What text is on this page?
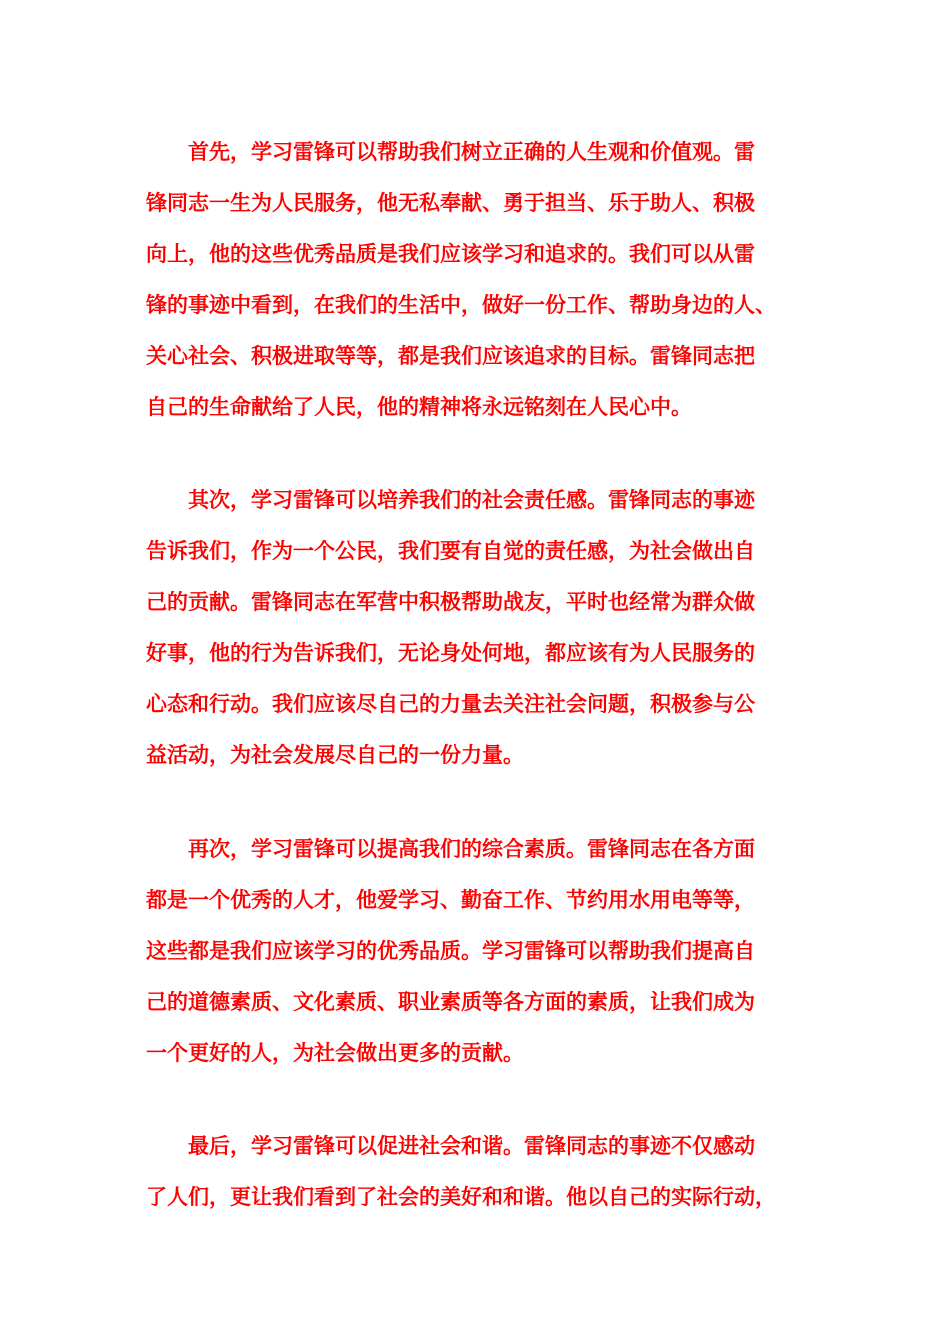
首先，学习雷锋可以帮助我们树立正确的人生观和价值观。雷
锋同志一生为人民服务，他无私奉献、勇于担当、乐于助人、积极
向上，他的这些优秀品质是我们应该学习和追求的。我们可以从雷
锋的事迹中看到，在我们的生活中，做好一份工作、帮助身边的人、
关心社会、积极进取等等，都是我们应该追求的目标。雷锋同志把
自己的生命献给了人民，他的精神将永远铭刻在人民心中。

其次，学习雷锋可以培养我们的社会责任感。雷锋同志的事迹
告诉我们，作为一个公民，我们要有自觉的责任感，为社会做出自
己的贡献。雷锋同志在军营中积极帮助战友，平时也经常为群众做
好事，他的行为告诉我们，无论身处何地，都应该有为人民服务的
心态和行动。我们应该尽自己的力量去关注社会问题，积极参与公
益活动，为社会发展尽自己的一份力量。

再次，学习雷锋可以提高我们的综合素质。雷锋同志在各方面
都是一个优秀的人才，他爱学习、勤奋工作、节约用水用电等等，
这些都是我们应该学习的优秀品质。学习雷锋可以帮助我们提高自
己的道德素质、文化素质、职业素质等各方面的素质，让我们成为
一个更好的人，为社会做出更多的贡献。

最后，学习雷锋可以促进社会和谐。雷锋同志的事迹不仅感动
了人们，更让我们看到了社会的美好和和谐。他以自己的实际行动，
